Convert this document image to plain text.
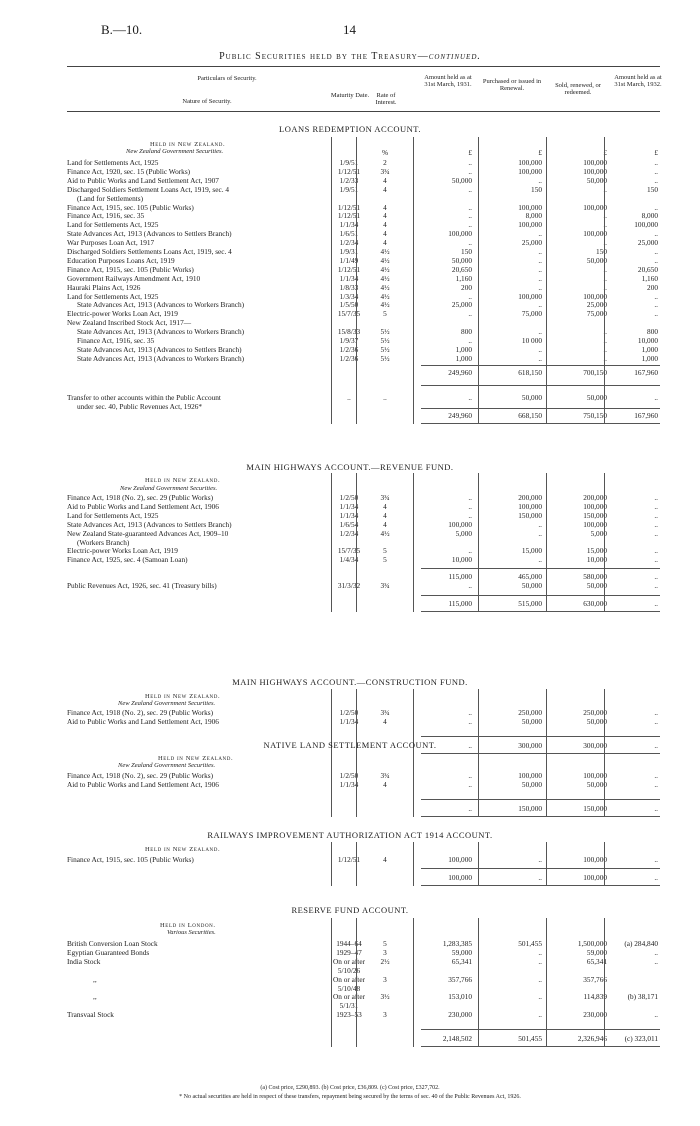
B.—10.	14
Public Securities held by the Treasury—continued.
Particulars of Security.
Nature of Security.
Maturity Date.	Rate of Interest.
Amount held as at 31st March, 1931.	Purchased or issued in Renewal.	Sold, renewed, or redeemed.
Amount held as at 31st March, 1932.
LOANS REDEMPTION ACCOUNT.
Held in New Zealand.
New Zealand Government Securities.	%	£	£	£	£
Land for Settlements Act, 1925	1/9/51	2	..	100,000	100,000	..
Finance Act, 1920, sec. 15 (Public Works)	1/12/51	3¾	..	100,000	100,000	..
Aid to Public Works and Land Settlement Act, 1907	1/2/33	4	50,000	..	50,000	..
Discharged Soldiers Settlement Loans Act, 1919, sec. 4	1/9/51	4	..	150	..	150
(Land for Settlements)
Finance Act, 1915, sec. 105 (Public Works)	1/12/51	4	..	100,000	100,000	..
Finance Act, 1916, sec. 35	1/12/51	4	..	8,000	..	8,000
Land for Settlements Act, 1925	1/1/34	4	..	100,000	..	100,000
State Advances Act, 1913 (Advances to Settlers Branch)	1/6/51	4	100,000	..	100,000	..
War Purposes Loan Act, 1917	1/2/34	4	..	25,000	..	25,000
Discharged Soldiers Settlements Loans Act, 1919, sec. 4	1/9/31	4½	150	..	150	..
Education Purposes Loans Act, 1919	1/1/49	4½	50,000	..	50,000	..
Finance Act, 1915, sec. 105 (Public Works)	1/12/51	4½	20,650	..	..	20,650
Government Railways Amendment Act, 1910	1/1/34	4½	1,160	..	..	1,160
Hauraki Plains Act, 1926	1/8/33	4½	200	..	..	200
Land for Settlements Act, 1925	1/3/34	4½	..	100,000	100,000	..
State Advances Act, 1913 (Advances to Workers Branch)	1/5/50	4½	25,000	..	25,000	..
Electric-power Works Loan Act, 1919	15/7/35	5	..	75,000	75,000	..
New Zealand Inscribed Stock Act, 1917—
State Advances Act, 1913 (Advances to Workers Branch)	15/8/33	5½	800	..	..	800
Finance Act, 1916, sec. 35	1/9/37	5½	..	10 000	..	10,000
State Advances Act, 1913 (Advances to Settlers Branch)	1/2/36	5½	1,000	..	..	1,000
State Advances Act, 1913 (Advances to Workers Branch)	1/2/36	5½	1,000	..	..	1,000
249,960	618,150	700,150	167,960
Transfer to other accounts within the Public Account	..	..	..	50,000	50,000	..
under sec. 40, Public Revenues Act, 1926*
249,960	668,150	750,150	167,960
MAIN HIGHWAYS ACCOUNT.—REVENUE FUND.
Held in New Zealand.
New Zealand Government Securities.
Finance Act, 1918 (No. 2), sec. 29 (Public Works)	1/2/50	3¾	..	200,000	200,000	..
Aid to Public Works and Land Settlement Act, 1906	1/1/34	4	..	100,000	100,000	..
Land for Settlements Act, 1925	1/1/34	4	..	150,000	150,000	..
State Advances Act, 1913 (Advances to Settlers Branch)	1/6/54	4	100,000	..	100,000	..
New Zealand State-guaranteed Advances Act, 1909–10	1/2/34	4½	5,000	..	5,000	..
(Workers Branch)
Electric-power Works Loan Act, 1919	15/7/35	5	..	15,000	15,000	..
Finance Act, 1925, sec. 4 (Samoan Loan)	1/4/34	5	10,000	..	10,000	..
115,000	465,000	580,000	..
Public Revenues Act, 1926, sec. 41 (Treasury bills)	31/3/32	3¾	..	50,000	50,000	..
115,000	515,000	630,000	..
MAIN HIGHWAYS ACCOUNT.—CONSTRUCTION FUND.
Held in New Zealand.
New Zealand Government Securities.
Finance Act, 1918 (No. 2), sec. 29 (Public Works)	1/2/50	3¾	..	250,000	250,000	..
Aid to Public Works and Land Settlement Act, 1906	1/1/34	4	..	50,000	50,000	..
..	300,000	300,000	..
NATIVE LAND SETTLEMENT ACCOUNT.
Held in New Zealand.
New Zealand Government Securities.
Finance Act, 1918 (No. 2), sec. 29 (Public Works)	1/2/50	3¾	..	100,000	100,000	..
Aid to Public Works and Land Settlement Act, 1906	1/1/34	4	..	50,000	50,000	..
..	150,000	150,000	..
RAILWAYS IMPROVEMENT AUTHORIZATION ACT 1914 ACCOUNT.
Held in New Zealand.
Finance Act, 1915, sec. 105 (Public Works)	1/12/51	4	100,000	..	100,000	..
100,000	..	100,000	..
RESERVE FUND ACCOUNT.
Held in London.
Various Securities.
British Conversion Loan Stock	1944–64	5	1,283,385	501,455	1,500,000	(a) 284,840
Egyptian Guaranteed Bonds	1929–47	3	59,000	..	59,000	..
India Stock	On or after	2½	65,341	..	65,341	..
5/10/26
,,	On or after	3	357,766	..	357,766
5/10/48
,,	On or after	3½	153,010	..	114,839	(b) 38,171
5/1/31
Transvaal Stock	1923–53	3	230,000	..	230,000	..
2,148,502	501,455	2,326,946	(c) 323,011
(a) Cost price, £290,893. (b) Cost price, £36,809. (c) Cost price, £327,702.
* No actual securities are held in respect of these transfers, repayment being secured by the terms of sec. 40 of the Public Revenues Act, 1926.
